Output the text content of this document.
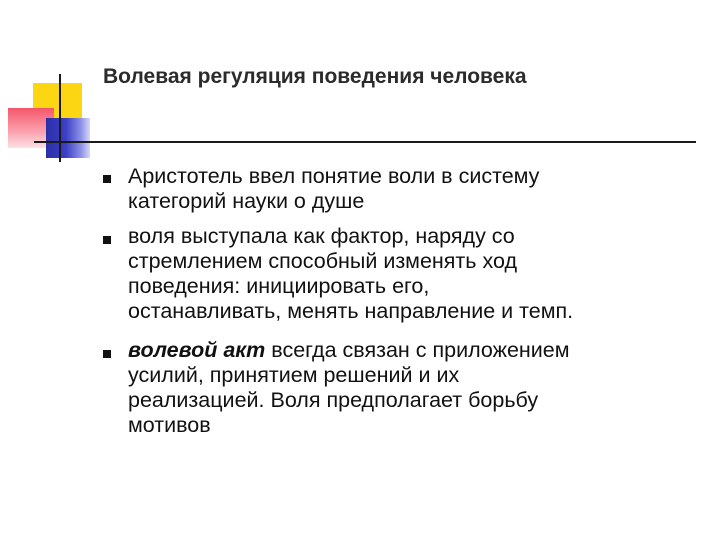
Волевая регуляция поведения человека
Аристотель ввел понятие воли в систему
категорий науки о душе
воля выступала как фактор, наряду со
стремлением способный изменять ход
поведения: инициировать его,
останавливать, менять направление и темп.
волевой акт всегда связан с приложением
усилий, принятием решений и их
реализацией. Воля предполагает борьбу
мотивов
